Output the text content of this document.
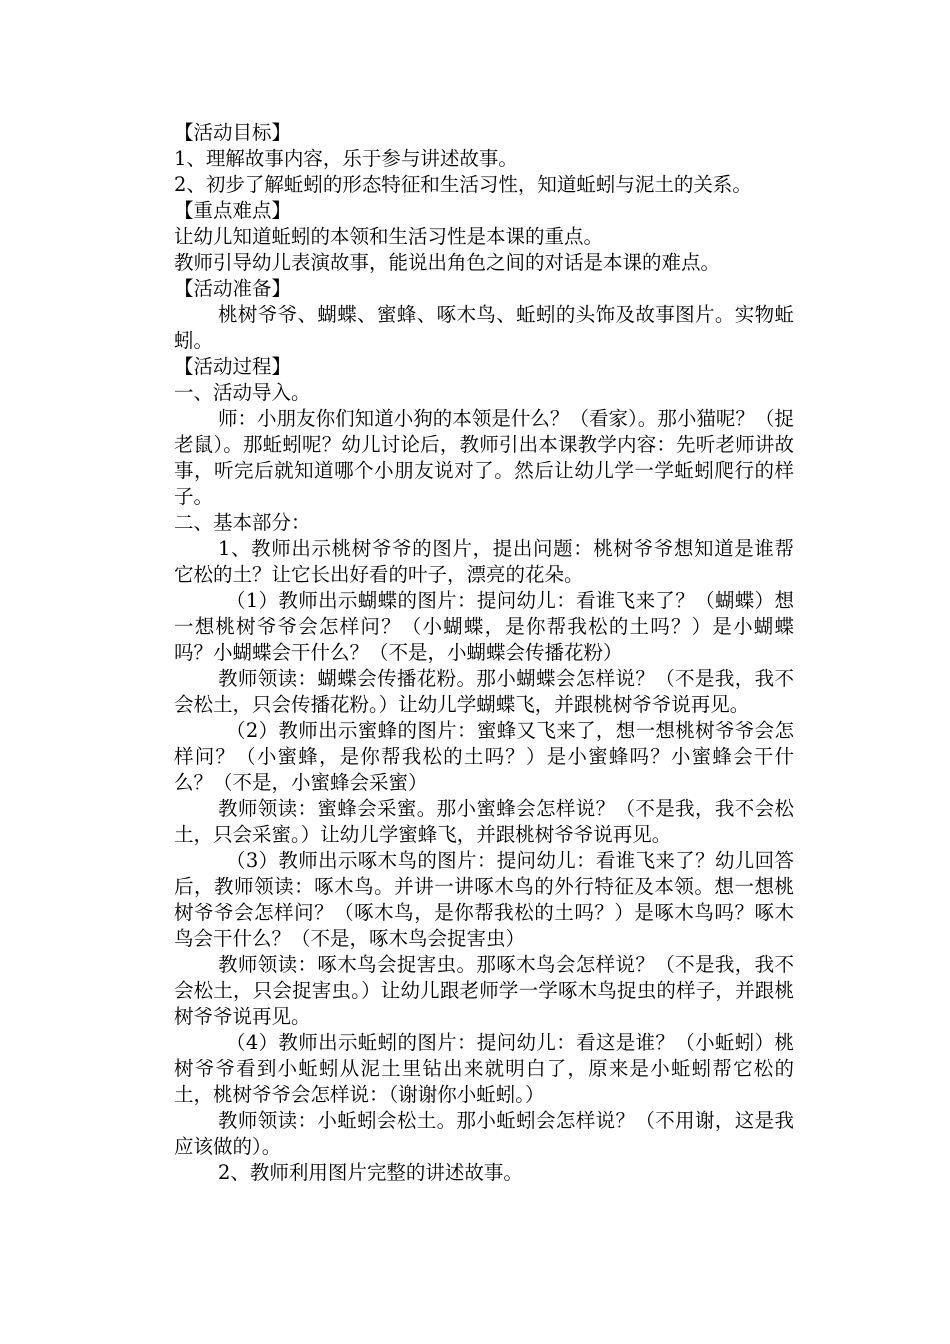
【活动目标】
1、理解故事内容，乐于参与讲述故事。
2、初步了解蚯蚓的形态特征和生活习性，知道蚯蚓与泥土的关系。
【重点难点】
让幼儿知道蚯蚓的本领和生活习性是本课的重点。
教师引导幼儿表演故事，能说出角色之间的对话是本课的难点。
【活动准备】
桃树爷爷、蝴蝶、蜜蜂、啄木鸟、蚯蚓的头饰及故事图片。实物蚯蚓。
【活动过程】
一、活动导入。
师：小朋友你们知道小狗的本领是什么？（看家）。那小猫呢？（捉老鼠）。那蚯蚓呢？幼儿讨论后，教师引出本课教学内容：先听老师讲故事，听完后就知道哪个小朋友说对了。然后让幼儿学一学蚯蚓爬行的样子。
二、基本部分：
1、教师出示桃树爷爷的图片，提出问题：桃树爷爷想知道是谁帮它松的土？让它长出好看的叶子，漂亮的花朵。
（1）教师出示蝴蝶的图片：提问幼儿：看谁飞来了？（蝴蝶）想一想桃树爷爷会怎样问？（小蝴蝶，是你帮我松的土吗？）是小蝴蝶吗？小蝴蝶会干什么？（不是，小蝴蝶会传播花粉）
教师领读：蝴蝶会传播花粉。那小蝴蝶会怎样说？（不是我，我不会松土，只会传播花粉。）让幼儿学蝴蝶飞，并跟桃树爷爷说再见。
（2）教师出示蜜蜂的图片：蜜蜂又飞来了，想一想桃树爷爷会怎样问？（小蜜蜂，是你帮我松的土吗？）是小蜜蜂吗？小蜜蜂会干什么？（不是，小蜜蜂会采蜜）
教师领读：蜜蜂会采蜜。那小蜜蜂会怎样说？（不是我，我不会松土，只会采蜜。）让幼儿学蜜蜂飞，并跟桃树爷爷说再见。
（3）教师出示啄木鸟的图片：提问幼儿：看谁飞来了？幼儿回答后，教师领读：啄木鸟。并讲一讲啄木鸟的外行特征及本领。想一想桃树爷爷会怎样问？（啄木鸟，是你帮我松的土吗？）是啄木鸟吗？啄木鸟会干什么？（不是，啄木鸟会捉害虫）
教师领读：啄木鸟会捉害虫。那啄木鸟会怎样说？（不是我，我不会松土，只会捉害虫。）让幼儿跟老师学一学啄木鸟捉虫的样子，并跟桃树爷爷说再见。
（4）教师出示蚯蚓的图片：提问幼儿：看这是谁？（小蚯蚓）桃树爷爷看到小蚯蚓从泥土里钻出来就明白了，原来是小蚯蚓帮它松的土，桃树爷爷会怎样说：（谢谢你小蚯蚓。）
教师领读：小蚯蚓会松土。那小蚯蚓会怎样说？（不用谢，这是我应该做的）。
2、教师利用图片完整的讲述故事。
